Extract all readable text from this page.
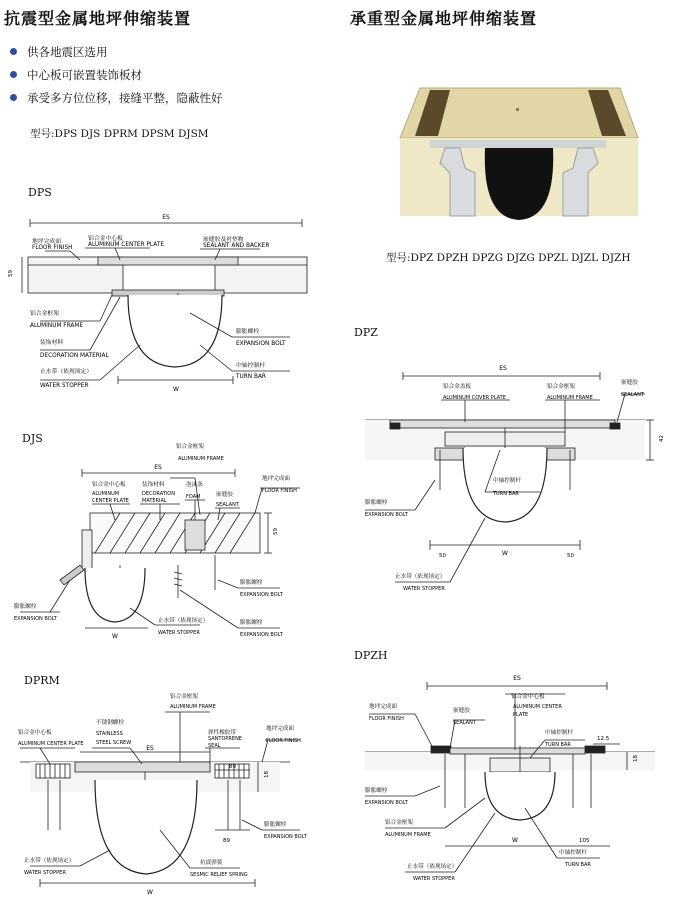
抗震型金属地坪伸缩装置
供各地震区选用
中心板可嵌置装饰板材
承受多方位位移，接缝平整，隐蔽性好
型号:DPS DJS DPRM DPSM DJSM
DPS
ES
W
59
地坪完成面
FLOOR FINISH
铝合金中心板
ALUMINUM CENTER PLATE
嵌缝胶及衬垫物
SEALANT AND BACKER
铝合金框架
ALUMINUM FRAME
装饰材料
DECORATION MATERIAL
膨胀螺栓
EXPANSION BOLT
中轴控制杆
TURN BAR
止水带（依现场定）
WATER STOPPER
DJS
ES
W
59
铝合金框架
ALUMINUM FRAME
地坪完成面
FLOOR FINISH
铝合金中心板
ALUMINUM
CENTER PLATE
装饰材料
DECORATION
MATERIAL
泡沫条
FOAM	嵌缝胶
SEALANT
膨胀螺栓
EXPANSION BOLT
膨胀螺栓
EXPANSION BOLT
膨胀螺栓
EXPANSION BOLT
止水带（依现场定）
WATER STOPPER
DPRM
ES
W
89
89
18
铝合金框架
ALUMINUM FRAME
铝合金中心板
ALUMINUM CENTER PLATE
不锈钢螺栓
STAINLESS
STEEL SCREW
弹性橡胶带
SANTOPRENE
SEAL
地坪完成面
FLOOR FINISH
膨胀螺栓
EXPANSION BOLT
止水带（依现场定）
WATER STOPPER
抗震弹簧
SESMIC RELIEF SPRING
承重型金属地坪伸缩装置
型号:DPZ DPZH DPZG DJZG DPZL DJZL DJZH
DPZ
ES
W
50	50
42
铝合金盖板
ALUMINUM COVER PLATE
铝合金框架
ALUMINUM FRAME
嵌缝胶
SEALANT
中轴控制杆
TURN BAR
膨胀螺栓
EXPANSION BOLT
止水带（依现场定）
WATER STOPPER
DPZH
ES
W
12.5
105
18
铝合金中心板
ALUMINUM CENTER
PLATE
地坪完成面
FLOOR FINISH
嵌缝胶
SEALANT
中轴控制杆
TURN BAR
膨胀螺栓
EXPANSION BOLT
铝合金框架
ALUMINUM FRAME
中轴控制杆
TURN BAR
止水带（依现场定）
WATER STOPPER
